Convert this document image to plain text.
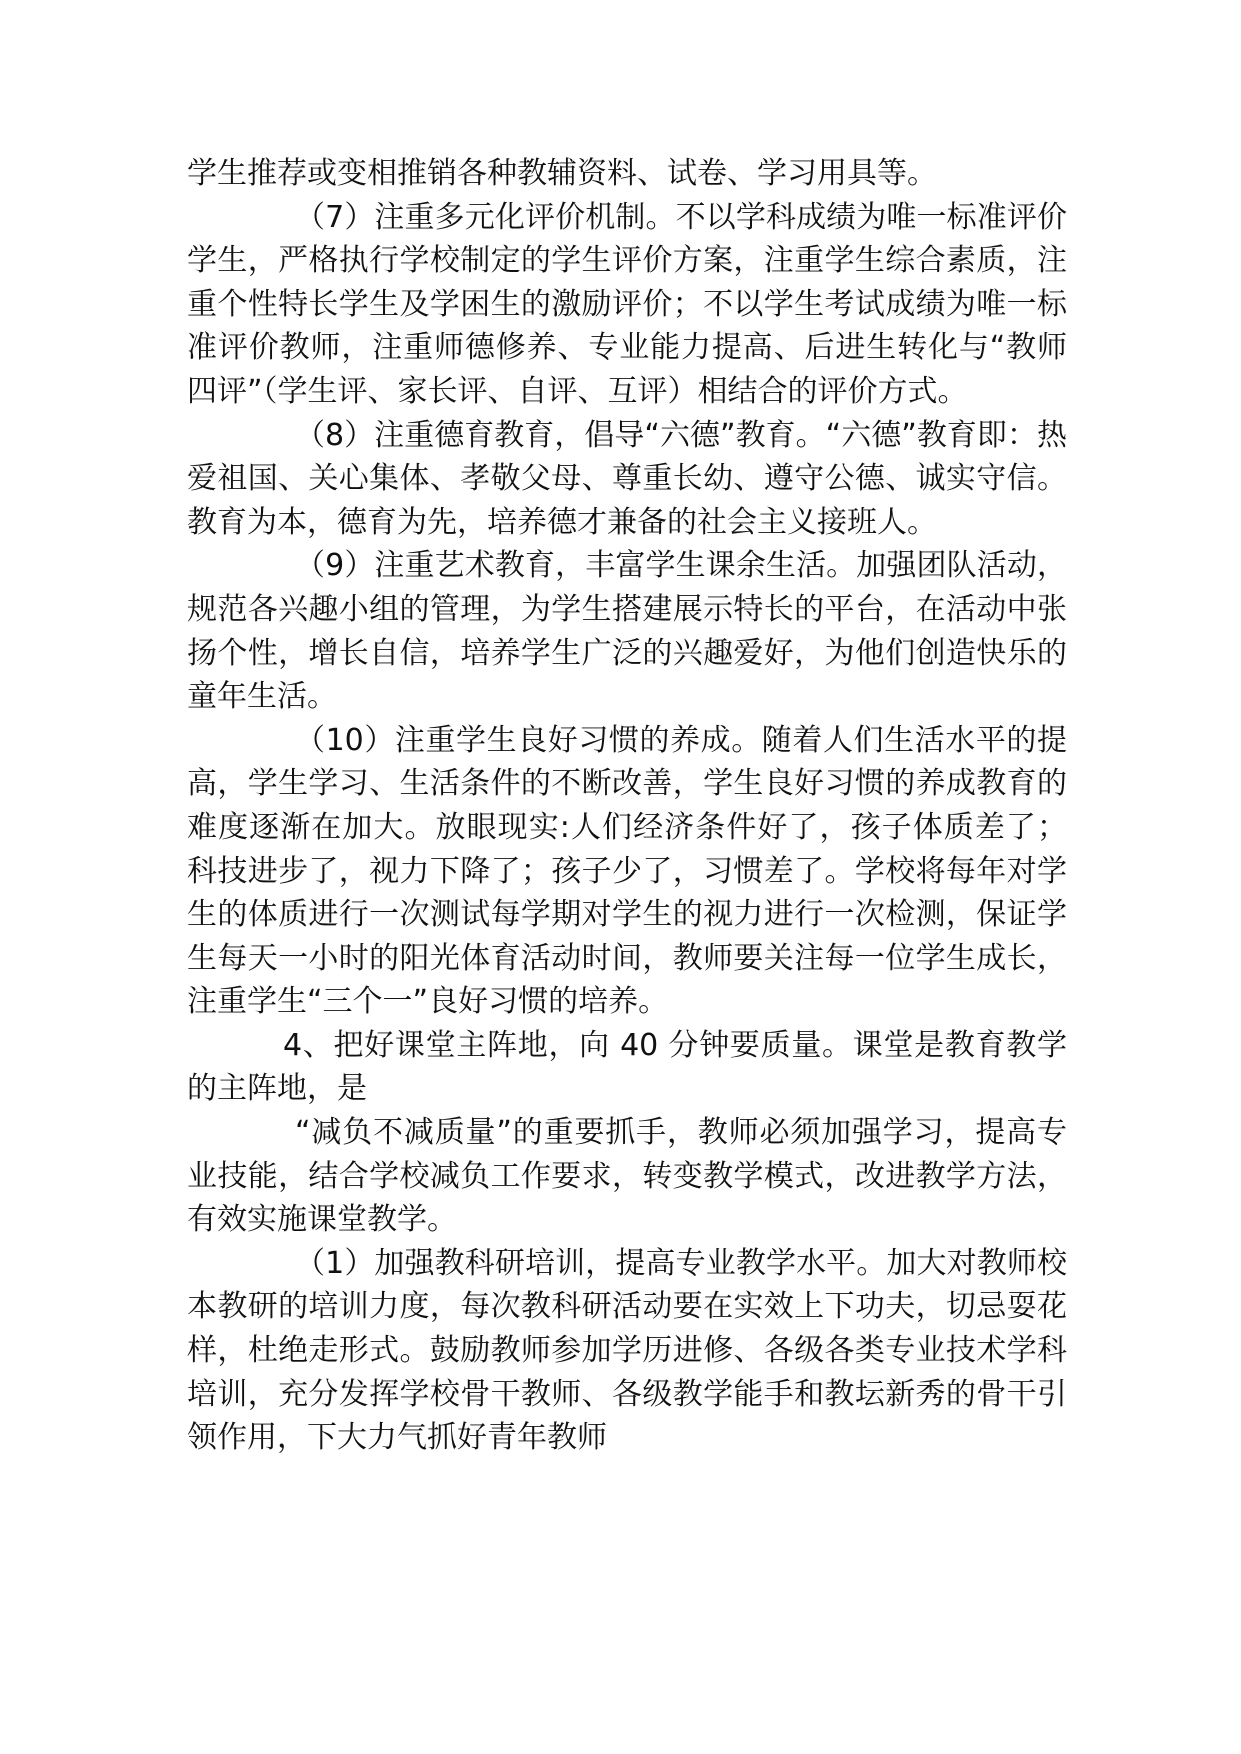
学生推荐或变相推销各种教辅资料、试卷、学习用具等。

（7）注重多元化评价机制。不以学科成绩为唯一标准评价学生，严格执行学校制定的学生评价方案，注重学生综合素质，注重个性特长学生及学困生的激励评价；不以学生考试成绩为唯一标准评价教师，注重师德修养、专业能力提高、后进生转化与“教师四评”（学生评、家长评、自评、互评）相结合的评价方式。

（8）注重德育教育，倡导“六德”教育。“六德”教育即：热爱祖国、关心集体、孝敬父母、尊重长幼、遵守公德、诚实守信。教育为本，德育为先，培养德才兼备的社会主义接班人。

（9）注重艺术教育，丰富学生课余生活。加强团队活动，规范各兴趣小组的管理，为学生搭建展示特长的平台，在活动中张扬个性，增长自信，培养学生广泛的兴趣爱好，为他们创造快乐的童年生活。

（10）注重学生良好习惯的养成。随着人们生活水平的提高，学生学习、生活条件的不断改善，学生良好习惯的养成教育的难度逐渐在加大。放眼现实:人们经济条件好了，孩子体质差了；科技进步了，视力下降了；孩子少了，习惯差了。学校将每年对学生的体质进行一次测试每学期对学生的视力进行一次检测，保证学生每天一小时的阳光体育活动时间，教师要关注每一位学生成长，注重学生“三个一”良好习惯的培养。

4、把好课堂主阵地，向 40 分钟要质量。课堂是教育教学的主阵地，是

“减负不减质量”的重要抓手，教师必须加强学习，提高专业技能，结合学校减负工作要求，转变教学模式，改进教学方法，有效实施课堂教学。

（1）加强教科研培训，提高专业教学水平。加大对教师校本教研的培训力度，每次教科研活动要在实效上下功夫，切忌耍花样，杜绝走形式。鼓励教师参加学历进修、各级各类专业技术学科培训，充分发挥学校骨干教师、各级教学能手和教坛新秀的骨干引领作用，下大力气抓好青年教师
